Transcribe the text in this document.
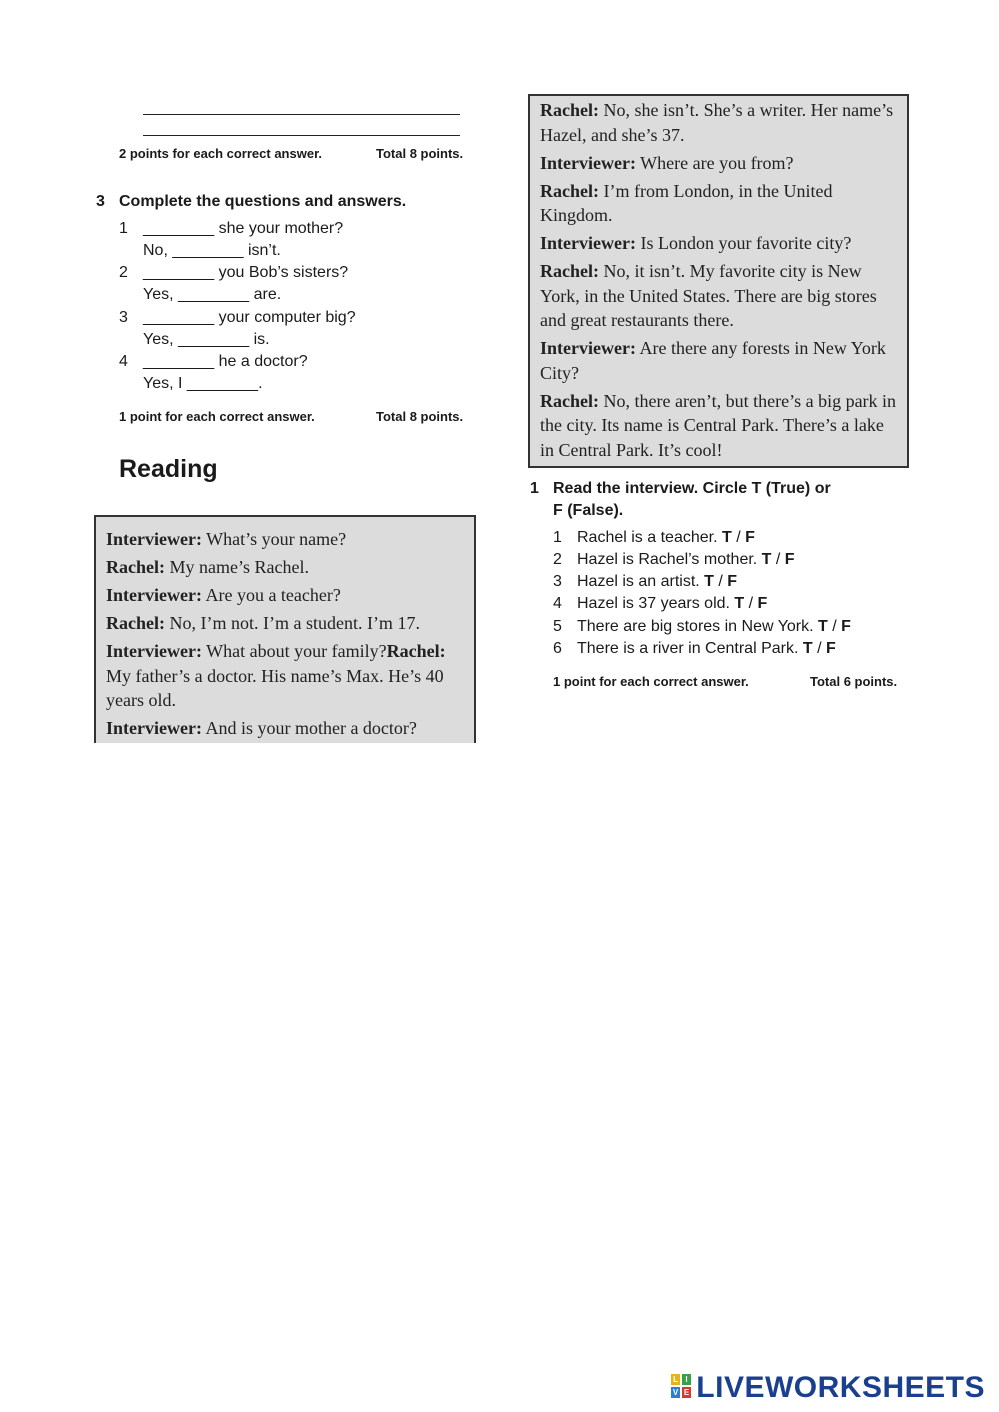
2 points for each correct answer.	Total 8 points.
3 Complete the questions and answers.
1 ________ she your mother?
No, ________ isn’t.
2 ________ you Bob’s sisters?
Yes, ________ are.
3 ________ your computer big?
Yes, ________ is.
4 ________ he a doctor?
Yes, I ________.
1 point for each correct answer.	Total 8 points.
Reading

Interviewer: What’s your name?

Rachel: My name’s Rachel.

Interviewer: Are you a teacher?

Rachel: No, I’m not. I’m a student. I’m 17.

Interviewer: What about your family?Rachel: My father’s a doctor. His name’s Max. He’s 40 years old.

Interviewer: And is your mother a doctor?

Rachel: No, she isn’t. She’s a writer. Her name’s Hazel, and she’s 37.

Interviewer: Where are you from?

Rachel: I’m from London, in the United Kingdom.

Interviewer: Is London your favorite city?

Rachel: No, it isn’t. My favorite city is New York, in the United States. There are big stores and great restaurants there.

Interviewer: Are there any forests in New York City?

Rachel: No, there aren’t, but there’s a big park in the city. Its name is Central Park. There’s a lake in Central Park. It’s cool!

1 Read the interview. Circle T (True) or
F (False).
1 Rachel is a teacher. T / F
2 Hazel is Rachel’s mother. T / F
3 Hazel is an artist. T / F
4 Hazel is 37 years old. T / F
5 There are big stores in New York. T / F
6 There is a river in Central Park. T / F
1 point for each correct answer.	Total 6 points.
L I
V E LIVEWORKSHEETS
